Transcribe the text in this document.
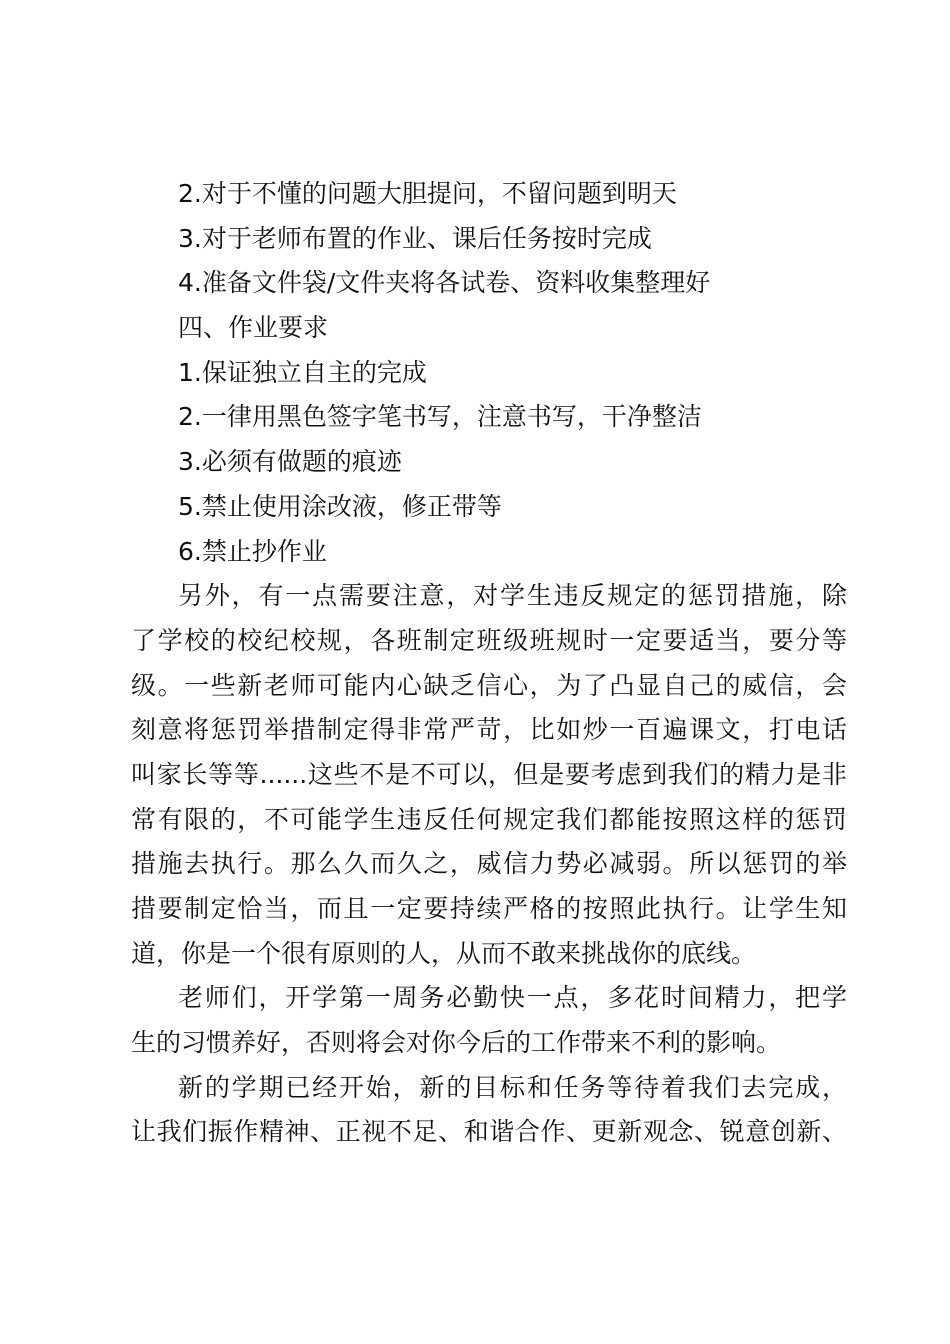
2.对于不懂的问题大胆提问，不留问题到明天
3.对于老师布置的作业、课后任务按时完成
4.准备文件袋/文件夹将各试卷、资料收集整理好
四、作业要求
1.保证独立自主的完成
2.一律用黑色签字笔书写，注意书写，干净整洁
3.必须有做题的痕迹
5.禁止使用涂改液，修正带等
6.禁止抄作业

另外，有一点需要注意，对学生违反规定的惩罚措施，除
了学校的校纪校规，各班制定班级班规时一定要适当，要分等
级。一些新老师可能内心缺乏信心，为了凸显自己的威信，会
刻意将惩罚举措制定得非常严苛，比如炒一百遍课文，打电话
叫家长等等......这些不是不可以，但是要考虑到我们的精力是非
常有限的，不可能学生违反任何规定我们都能按照这样的惩罚
措施去执行。那么久而久之，威信力势必减弱。所以惩罚的举
措要制定恰当，而且一定要持续严格的按照此执行。让学生知
道，你是一个很有原则的人，从而不敢来挑战你的底线。

老师们，开学第一周务必勤快一点，多花时间精力，把学
生的习惯养好，否则将会对你今后的工作带来不利的影响。

新的学期已经开始，新的目标和任务等待着我们去完成，
让我们振作精神、正视不足、和谐合作、更新观念、锐意创新、
